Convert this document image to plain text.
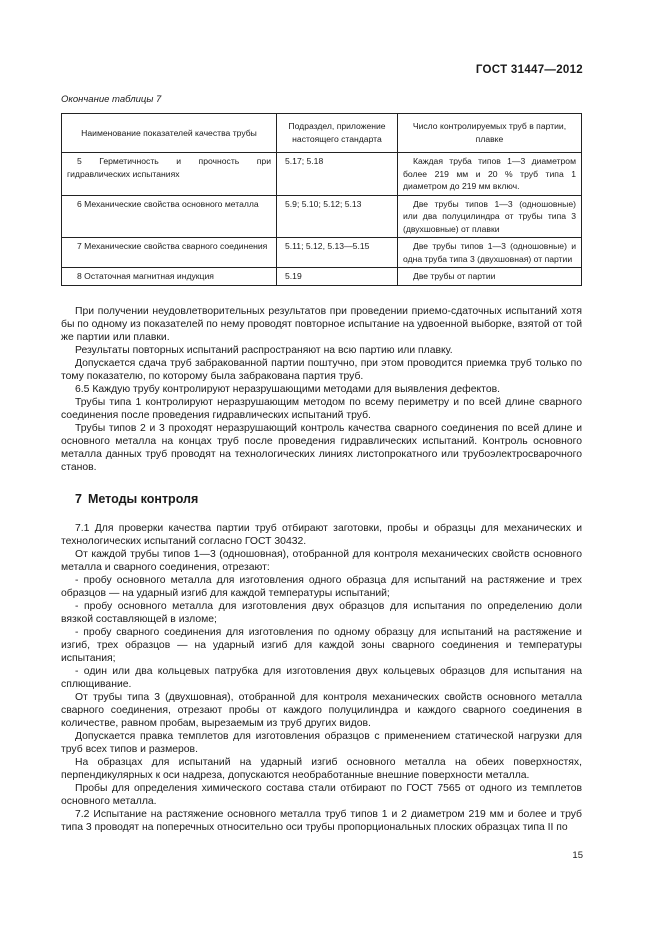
ГОСТ 31447—2012
Окончание таблицы 7
Наименование показателей качества трубы	Подраздел, приложение настоящего стандарта	Число контролируемых труб в партии, плавке
5 Герметичность и прочность при гидравлических испытаниях	5.17; 5.18	Каждая труба типов 1—3 диаметром более 219 мм и 20 % труб типа 1 диаметром до 219 мм включ.
6 Механические свойства основного металла	5.9; 5.10; 5.12; 5.13	Две трубы типов 1—3 (одношовные) или два полуцилиндра от трубы типа 3 (двухшовные) от плавки
7 Механические свойства сварного соединения	5.11; 5.12, 5.13—5.15	Две трубы типов 1—3 (одношовные) и одна труба типа 3 (двухшовная) от партии
8 Остаточная магнитная индукция	5.19	Две трубы от партии

При получении неудовлетворительных результатов при проведении приемо-сдаточных испытаний хотя бы по одному из показателей по нему проводят повторное испытание на удвоенной выборке, взятой от той же партии или плавки.

Результаты повторных испытаний распространяют на всю партию или плавку.

Допускается сдача труб забракованной партии поштучно, при этом проводится приемка труб только по тому показателю, по которому была забракована партия труб.

6.5 Каждую трубу контролируют неразрушающими методами для выявления дефектов.

Трубы типа 1 контролируют неразрушающим методом по всему периметру и по всей длине сварного соединения после проведения гидравлических испытаний труб.

Трубы типов 2 и 3 проходят неразрушающий контроль качества сварного соединения по всей длине и основного металла на концах труб после проведения гидравлических испытаний. Контроль основного металла данных труб проводят на технологических линиях листопрокатного или трубоэлектросварочного станов.

7 Методы контроля

7.1 Для проверки качества партии труб отбирают заготовки, пробы и образцы для механических и технологических испытаний согласно ГОСТ 30432.

От каждой трубы типов 1—3 (одношовная), отобранной для контроля механических свойств основного металла и сварного соединения, отрезают:

- пробу основного металла для изготовления одного образца для испытаний на растяжение и трех образцов — на ударный изгиб для каждой температуры испытаний;

- пробу основного металла для изготовления двух образцов для испытания по определению доли вязкой составляющей в изломе;

- пробу сварного соединения для изготовления по одному образцу для испытаний на растяжение и изгиб, трех образцов — на ударный изгиб для каждой зоны сварного соединения и температуры испытания;

- один или два кольцевых патрубка для изготовления двух кольцевых образцов для испытания на сплющивание.

От трубы типа 3 (двухшовная), отобранной для контроля механических свойств основного металла сварного соединения, отрезают пробы от каждого полуцилиндра и каждого сварного соединения в количестве, равном пробам, вырезаемым из труб других видов.

Допускается правка темплетов для изготовления образцов с применением статической нагрузки для труб всех типов и размеров.

На образцах для испытаний на ударный изгиб основного металла на обеих поверхностях, перпендикулярных к оси надреза, допускаются необработанные внешние поверхности металла.

Пробы для определения химического состава стали отбирают по ГОСТ 7565 от одного из темплетов основного металла.

7.2 Испытание на растяжение основного металла труб типов 1 и 2 диаметром 219 мм и более и труб типа 3 проводят на поперечных относительно оси трубы пропорциональных плоских образцах типа II по

15
